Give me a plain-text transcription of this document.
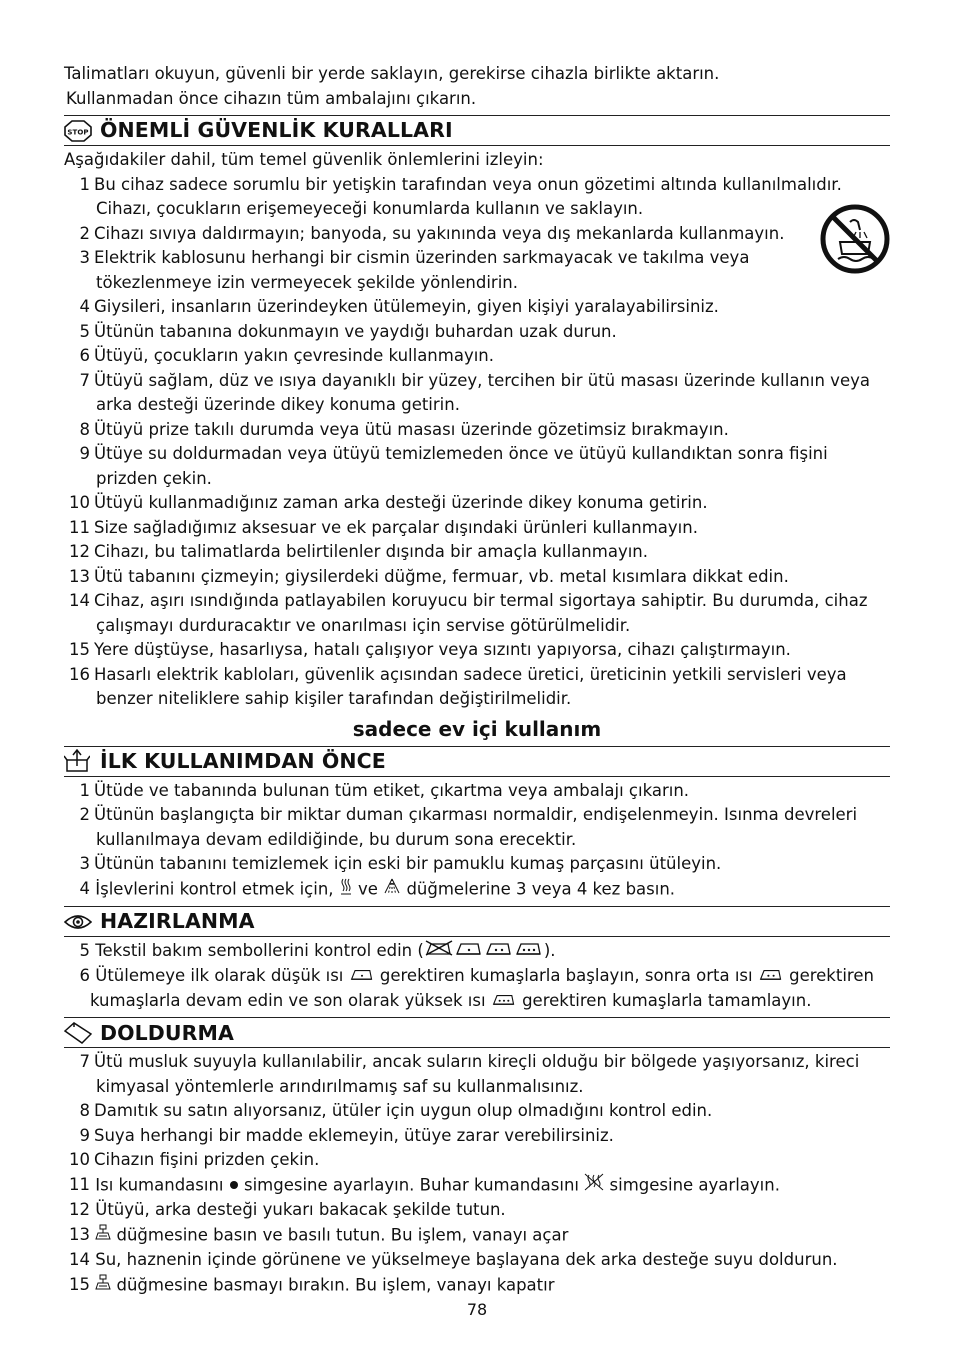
Talimatları okuyun, güvenli bir yerde saklayın, gerekirse cihazla birlikte aktarın.
Kullanmadan önce cihazın tüm ambalajını çıkarın.
STOP ÖNEMLİ GÜVENLİK KURALLARI
Aşağıdakiler dahil, tüm temel güvenlik önlemlerini izleyin:
1 Bu cihaz sadece sorumlu bir yetişkin tarafından veya onun gözetimi altında kullanılmalıdır.
Cihazı, çocukların erişemeyeceği konumlarda kullanın ve saklayın.
2 Cihazı sıvıya daldırmayın; banyoda, su yakınında veya dış mekanlarda kullanmayın.
3 Elektrik kablosunu herhangi bir cismin üzerinden sarkmayacak ve takılma veya
tökezlenmeye izin vermeyecek şekilde yönlendirin.
4 Giysileri, insanların üzerindeyken ütülemeyin, giyen kişiyi yaralayabilirsiniz.
5 Ütünün tabanına dokunmayın ve yaydığı buhardan uzak durun.
6 Ütüyü, çocukların yakın çevresinde kullanmayın.
7 Ütüyü sağlam, düz ve ısıya dayanıklı bir yüzey, tercihen bir ütü masası üzerinde kullanın veya
arka desteği üzerinde dikey konuma getirin.
8 Ütüyü prize takılı durumda veya ütü masası üzerinde gözetimsiz bırakmayın.
9 Ütüye su doldurmadan veya ütüyü temizlemeden önce ve ütüyü kullandıktan sonra fişini
prizden çekin.
10 Ütüyü kullanmadığınız zaman arka desteği üzerinde dikey konuma getirin.
11 Size sağladığımız aksesuar ve ek parçalar dışındaki ürünleri kullanmayın.
12 Cihazı, bu talimatlarda belirtilenler dışında bir amaçla kullanmayın.
13 Ütü tabanını çizmeyin; giysilerdeki düğme, fermuar, vb. metal kısımlara dikkat edin.
14 Cihaz, aşırı ısındığında patlayabilen koruyucu bir termal sigortaya sahiptir. Bu durumda, cihaz
çalışmayı durduracaktır ve onarılması için servise götürülmelidir.
15 Yere düştüyse, hasarlıysa, hatalı çalışıyor veya sızıntı yapıyorsa, cihazı çalıştırmayın.
16 Hasarlı elektrik kabloları, güvenlik açısından sadece üretici, üreticinin yetkili servisleri veya
benzer niteliklere sahip kişiler tarafından değiştirilmelidir.
sadece ev içi kullanım
İLK KULLANIMDAN ÖNCE
1 Ütüde ve tabanında bulunan tüm etiket, çıkartma veya ambalajı çıkarın.
2 Ütünün başlangıçta bir miktar duman çıkarması normaldir, endişelenmeyin. Isınma devreleri
kullanılmaya devam edildiğinde, bu durum sona erecektir.
3 Ütünün tabanını temizlemek için eski bir pamuklu kumaş parçasını ütüleyin.
4 İşlevlerini kontrol etmek için, ve düğmelerine 3 veya 4 kez basın.
HAZIRLANMA
5 Tekstil bakım sembollerini kontrol edin (	).
6 Ütülemeye ilk olarak düşük ısı gerektiren kumaşlarla başlayın, sonra orta ısı gerektiren
kumaşlarla devam edin ve son olarak yüksek ısı gerektiren kumaşlarla tamamlayın.
DOLDURMA
7 Ütü musluk suyuyla kullanılabilir, ancak suların kireçli olduğu bir bölgede yaşıyorsanız, kireci
kimyasal yöntemlerle arındırılmamış saf su kullanmalısınız.
8 Damıtık su satın alıyorsanız, ütüler için uygun olup olmadığını kontrol edin.
9 Suya herhangi bir madde eklemeyin, ütüye zarar verebilirsiniz.
10 Cihazın fişini prizden çekin.
11 Isı kumandasını simgesine ayarlayın. Buhar kumandasını simgesine ayarlayın.
12 Ütüyü, arka desteği yukarı bakacak şekilde tutun.
13	düğmesine basın ve basılı tutun. Bu işlem, vanayı açar
14 Su, haznenin içinde görünene ve yükselmeye başlayana dek arka desteğe suyu doldurun.
15	düğmesine basmayı bırakın. Bu işlem, vanayı kapatır
78
